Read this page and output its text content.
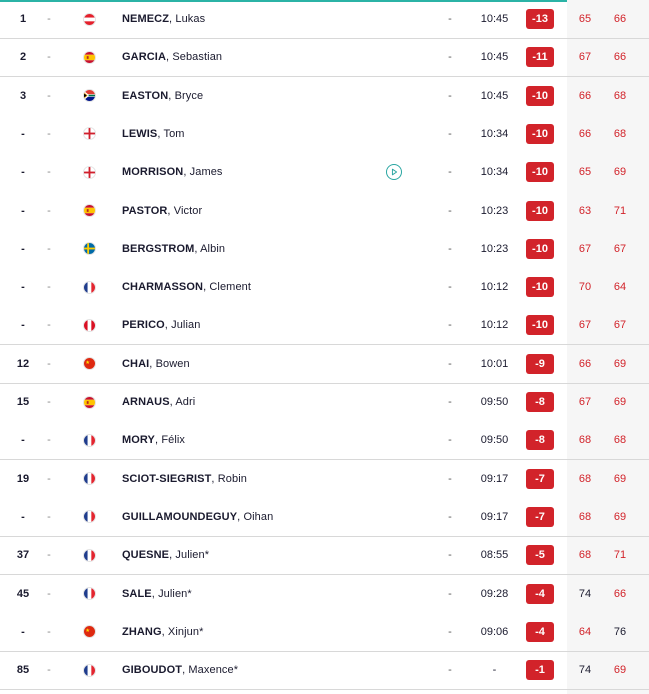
1	-	NEMECZ, Lukas	-	10:45	-13	65	66
2	-	GARCIA, Sebastian	-	10:45	-11	67	66
3	-	EASTON, Bryce	-	10:45	-10	66	68
-	-	LEWIS, Tom	-	10:34	-10	66	68
-	-	MORRISON, James	-	10:34	-10	65	69
-	-	PASTOR, Victor	-	10:23	-10	63	71
-	-	BERGSTROM, Albin	-	10:23	-10	67	67
-	-	CHARMASSON, Clement	-	10:12	-10	70	64
-	-	PERICO, Julian	-	10:12	-10	67	67
12	-	CHAI, Bowen	-	10:01	-9	66	69
15	-	ARNAUS, Adri	-	09:50	-8	67	69
-	-	MORY, Félix	-	09:50	-8	68	68
19	-	SCIOT-SIEGRIST, Robin	-	09:17	-7	68	69
-	-	GUILLAMOUNDEGUY, Oihan	-	09:17	-7	68	69
37	-	QUESNE, Julien*	-	08:55	-5	68	71
45	-	SALE, Julien*	-	09:28	-4	74	66
-	-	ZHANG, Xinjun*	-	09:06	-4	64	76
85	-	GIBOUDOT, Maxence*	-	-	-1	74	69
